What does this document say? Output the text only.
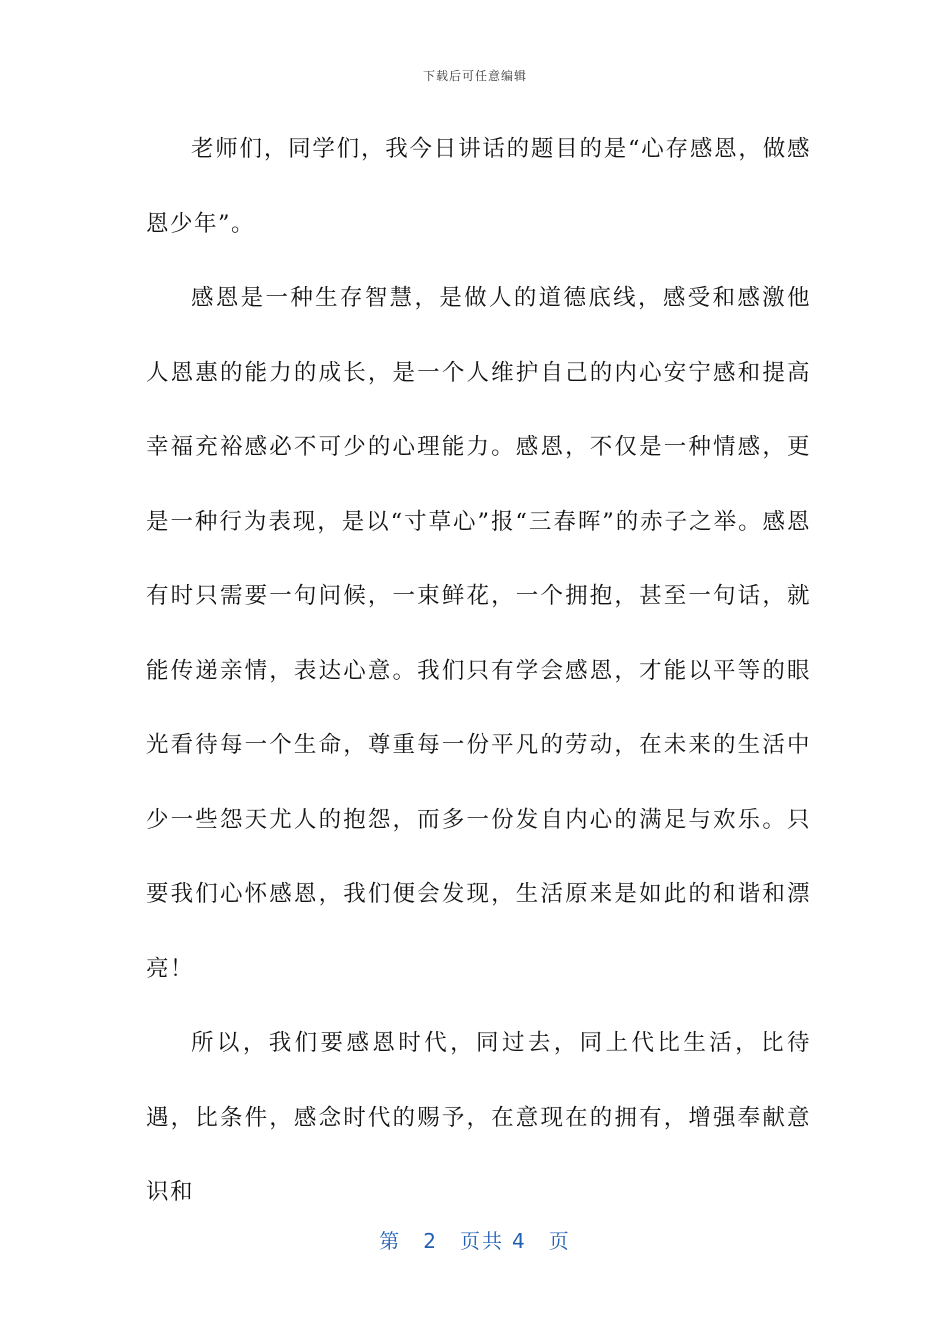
下载后可任意编辑

老师们，同学们，我今日讲话的题目的是“心存感恩，做感恩少年”。

感恩是一种生存智慧，是做人的道德底线，感受和感激他人恩惠的能力的成长，是一个人维护自己的内心安宁感和提高幸福充裕感必不可少的心理能力。感恩，不仅是一种情感，更是一种行为表现，是以“寸草心”报“三春晖”的赤子之举。感恩有时只需要一句问候，一束鲜花，一个拥抱，甚至一句话，就能传递亲情，表达心意。我们只有学会感恩，才能以平等的眼光看待每一个生命，尊重每一份平凡的劳动，在未来的生活中少一些怨天尤人的抱怨，而多一份发自内心的满足与欢乐。只要我们心怀感恩，我们便会发现，生活原来是如此的和谐和漂亮！

所以，我们要感恩时代，同过去，同上代比生活，比待遇，比条件，感念时代的赐予，在意现在的拥有，增强奉献意识和

第 2 页共 4 页
